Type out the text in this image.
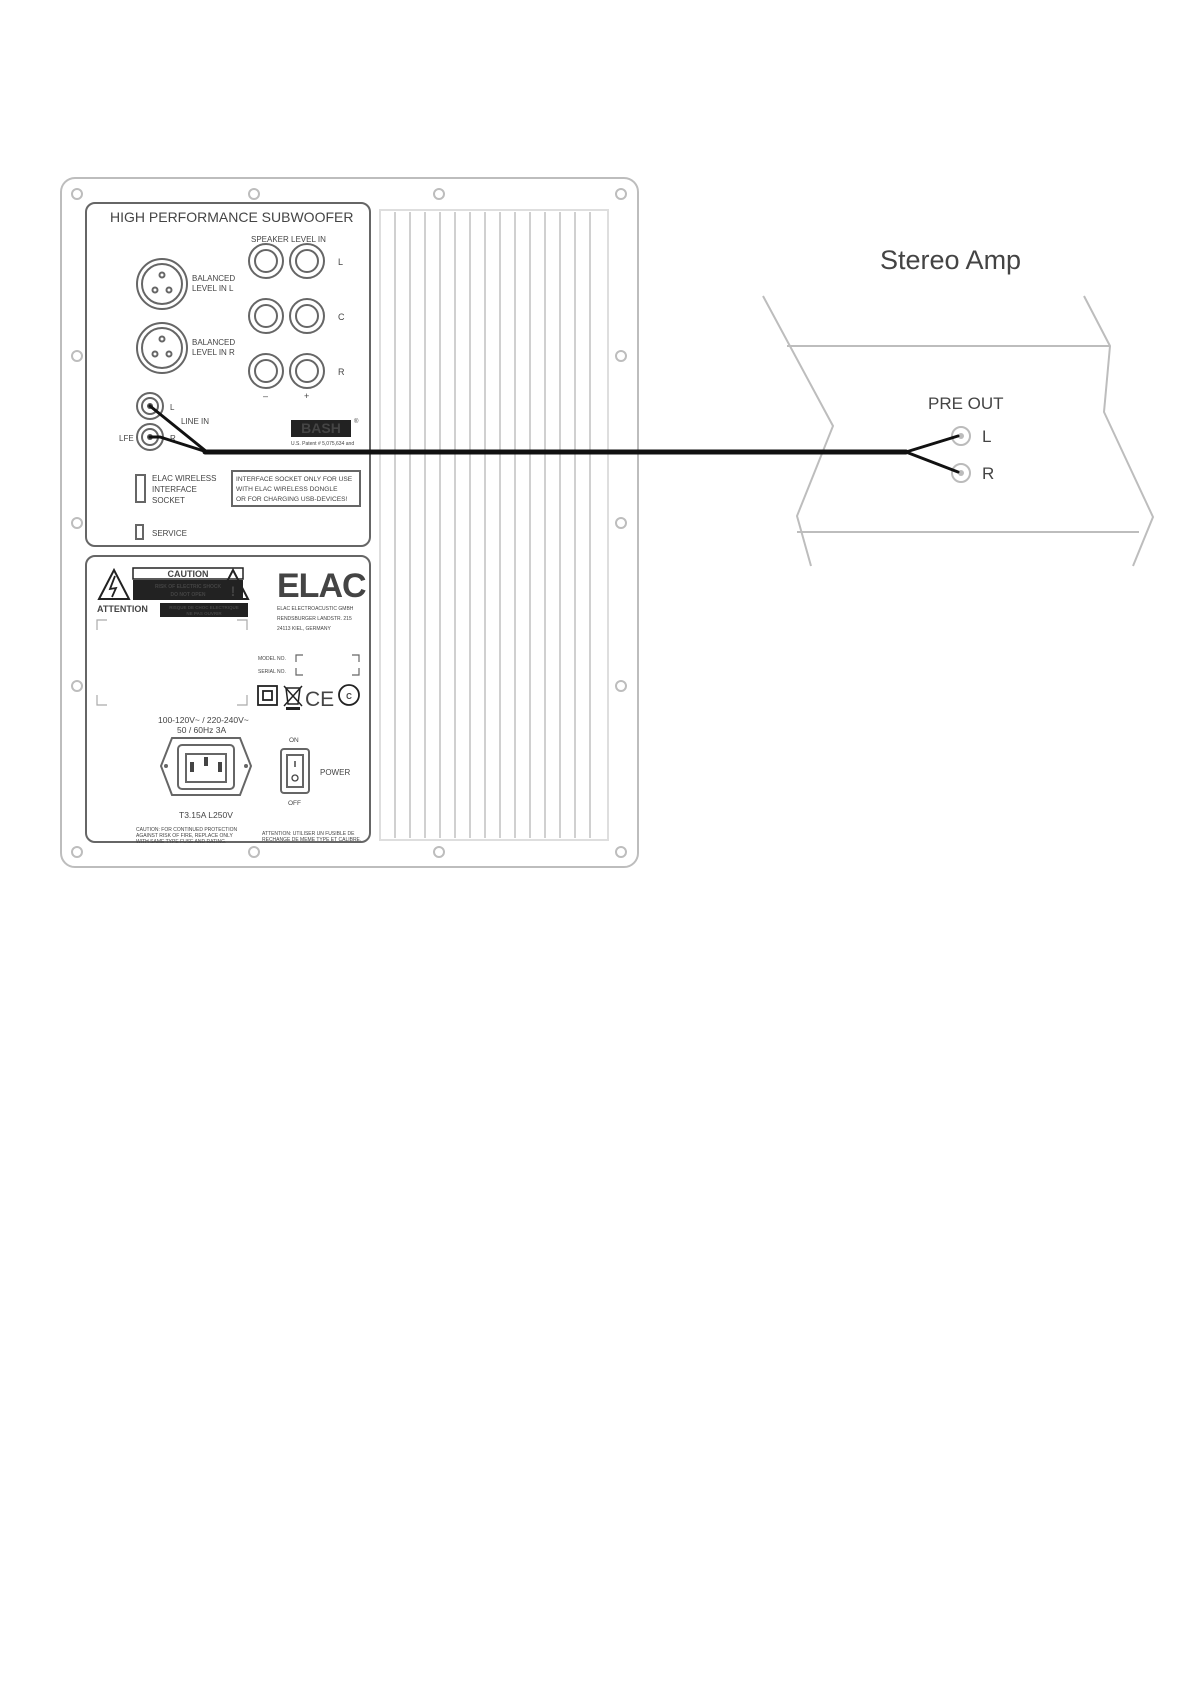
HIGH PERFORMANCE SUBWOOFER
SPEAKER LEVEL IN
BALANCED
LEVEL IN L
BALANCED
LEVEL IN R
L
C
R
–	+
L
LINE IN
R
LFE
BASH ®
U.S. Patent # 5,075,634 and
ELAC WIRELESS
INTERFACE
SOCKET
INTERFACE SOCKET ONLY FOR USE
WITH ELAC WIRELESS DONGLE
OR FOR CHARGING USB-DEVICES!
SERVICE
CAUTION
RISK OF ELECTRIC SHOCK
DO NOT OPEN !
ATTENTION	RISQUE DE CHOC ELECTRIQUE
NE PAS OUVRIR
ELAC
ELAC ELECTROACUSTIC GMBH
RENDSBURGER LANDSTR. 215
24113 KIEL, GERMANY
MODEL NO.
SERIAL NO.
CE C
100-120V~ / 220-240V~
50 / 60Hz 3A
T3.15A L250V
ON
OFF
POWER
CAUTION: FOR CONTINUED PROTECTION
AGAINST RISK OF FIRE, REPLACE ONLY
WITH SAME TYPE FUSE AND RATING.
ATTENTION: UTILISER UN FUSIBLE DE
RECHANGE DE MEME TYPE ET CALIBRE.
Stereo Amp
PRE OUT
L
R
